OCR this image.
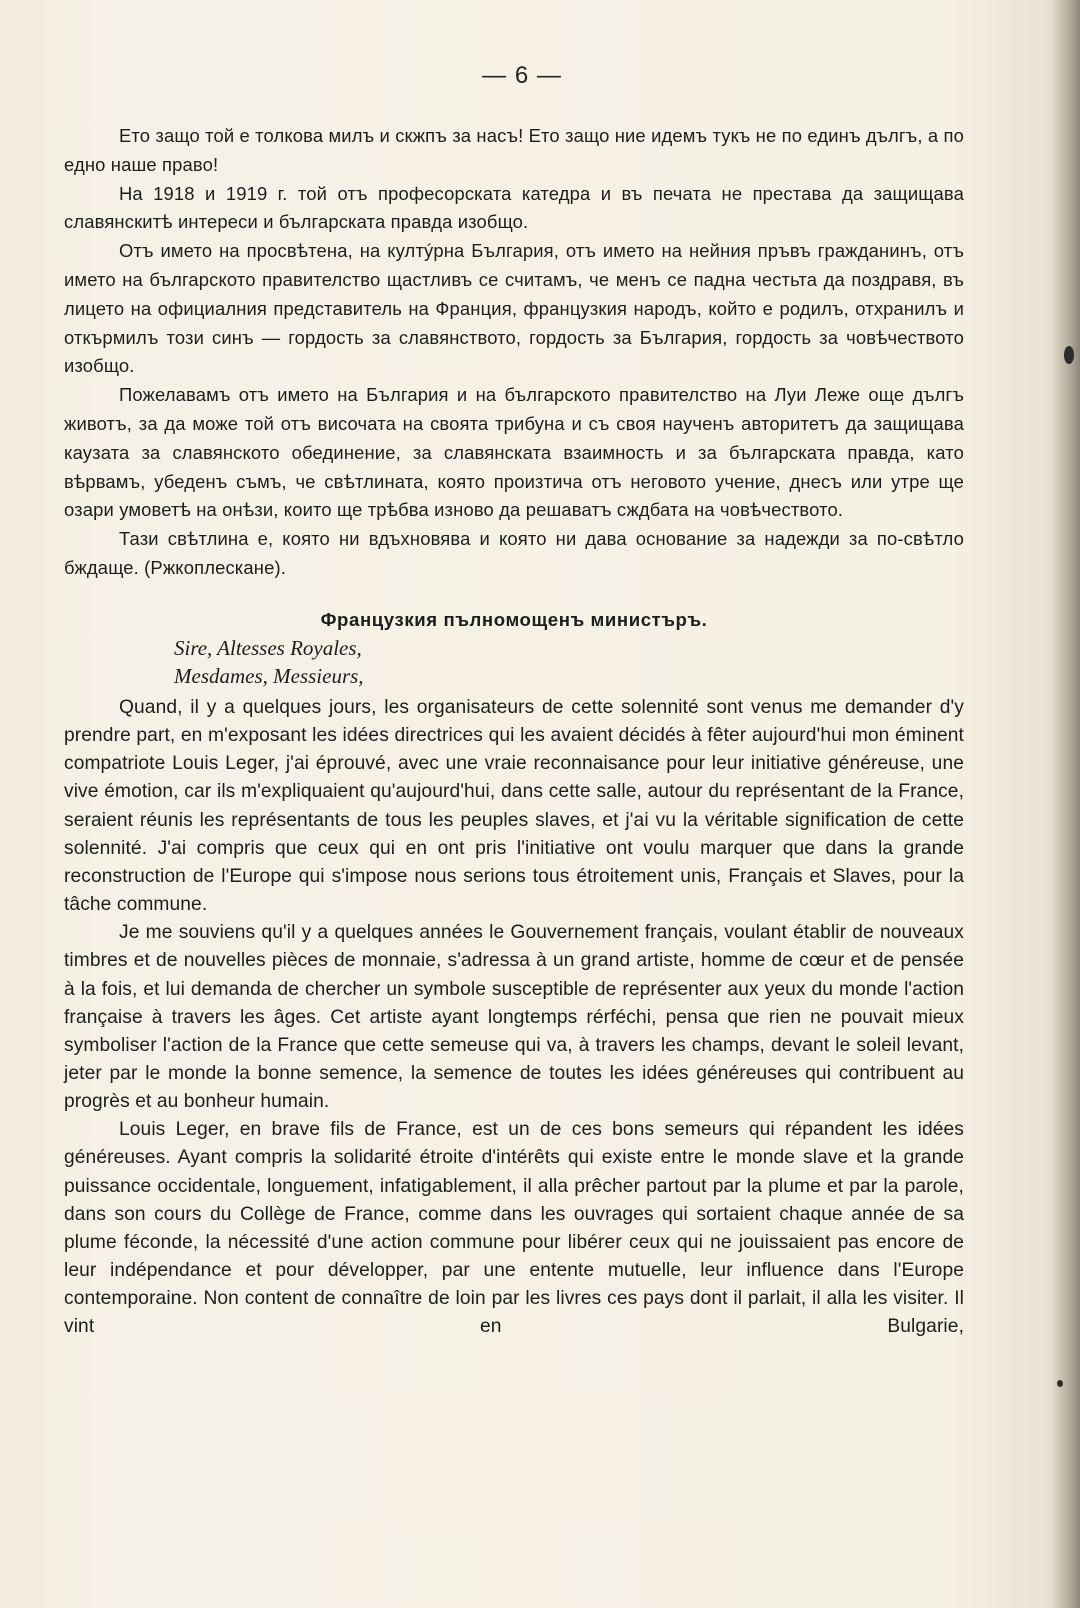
— 6 —

Ето защо той е толкова милъ и скжпъ за насъ! Ето защо ние идемъ тукъ не по единъ дългъ, а по едно наше право!

На 1918 и 1919 г. той отъ професорската катедра и въ печата не престава да защищава славянскитѣ интереси и българската правда изобщо.

Отъ името на просвѣтена, на култýрна България, отъ името на нейния пръвъ гражданинъ, отъ името на българското правителство щастливъ се считамъ, че менъ се падна честьта да поздравя, въ лицето на официалния представитель на Франция, французкия народъ, който е родилъ, отхранилъ и откърмилъ този синъ — гордость за славянството, гордость за България, гордость за човѣчеството изобщо.

Пожелавамъ отъ името на България и на българското правителство на Луи Леже още дългъ животъ, за да може той отъ височата на своята трибуна и съ своя наученъ авторитетъ да защищава каузата за славянското обединение, за славянската взаимность и за българската правда, като вѣрвамъ, убеденъ съмъ, че свѣтлината, която произтича отъ неговото учение, днесъ или утре ще озари умоветѣ на онѣзи, които ще трѣбва изново да решаватъ сждбата на човѣчеството.

Тази свѣтлина е, която ни вдъхновява и която ни дава основание за надежди за по-свѣтло бждаще. (Ржкоплескане).

Французкия пълномощенъ министъръ.
Sire, Altesses Royales,
Mesdames, Messieurs,

Quand, il y a quelques jours, les organisateurs de cette solennité sont venus me demander d'y prendre part, en m'exposant les idées directrices qui les avaient décidés à fêter aujourd'hui mon éminent compatriote Louis Leger, j'ai éprouvé, avec une vraie reconnaisance pour leur initiative généreuse, une vive émotion, car ils m'expliquaient qu'aujourd'hui, dans cette salle, autour du représentant de la France, seraient réunis les représentants de tous les peuples slaves, et j'ai vu la véritable signification de cette solennité. J'ai compris que ceux qui en ont pris l'initiative ont voulu marquer que dans la grande reconstruction de l'Europe qui s'impose nous serions tous étroitement unis, Français et Slaves, pour la tâche commune.

Je me souviens qu'il y a quelques années le Gouvernement français, voulant établir de nouveaux timbres et de nouvelles pièces de monnaie, s'adressa à un grand artiste, homme de cœur et de pensée à la fois, et lui demanda de chercher un symbole susceptible de représenter aux yeux du monde l'action française à travers les âges. Cet artiste ayant longtemps rérféchi, pensa que rien ne pouvait mieux symboliser l'action de la France que cette semeuse qui va, à travers les champs, devant le soleil levant, jeter par le monde la bonne semence, la semence de toutes les idées généreuses qui contribuent au progrès et au bonheur humain.

Louis Leger, en brave fils de France, est un de ces bons semeurs qui répandent les idées généreuses. Ayant compris la solidarité étroite d'intérêts qui existe entre le monde slave et la grande puissance occidentale, longuement, infatigablement, il alla prêcher partout par la plume et par la parole, dans son cours du Collège de France, comme dans les ouvrages qui sortaient chaque année de sa plume féconde, la nécessité d'une action commune pour libérer ceux qui ne jouissaient pas encore de leur indépendance et pour développer, par une entente mutuelle, leur influence dans l'Europe contemporaine. Non content de connaître de loin par les livres ces pays dont il parlait, il alla les visiter. Il vint en Bulgarie,
